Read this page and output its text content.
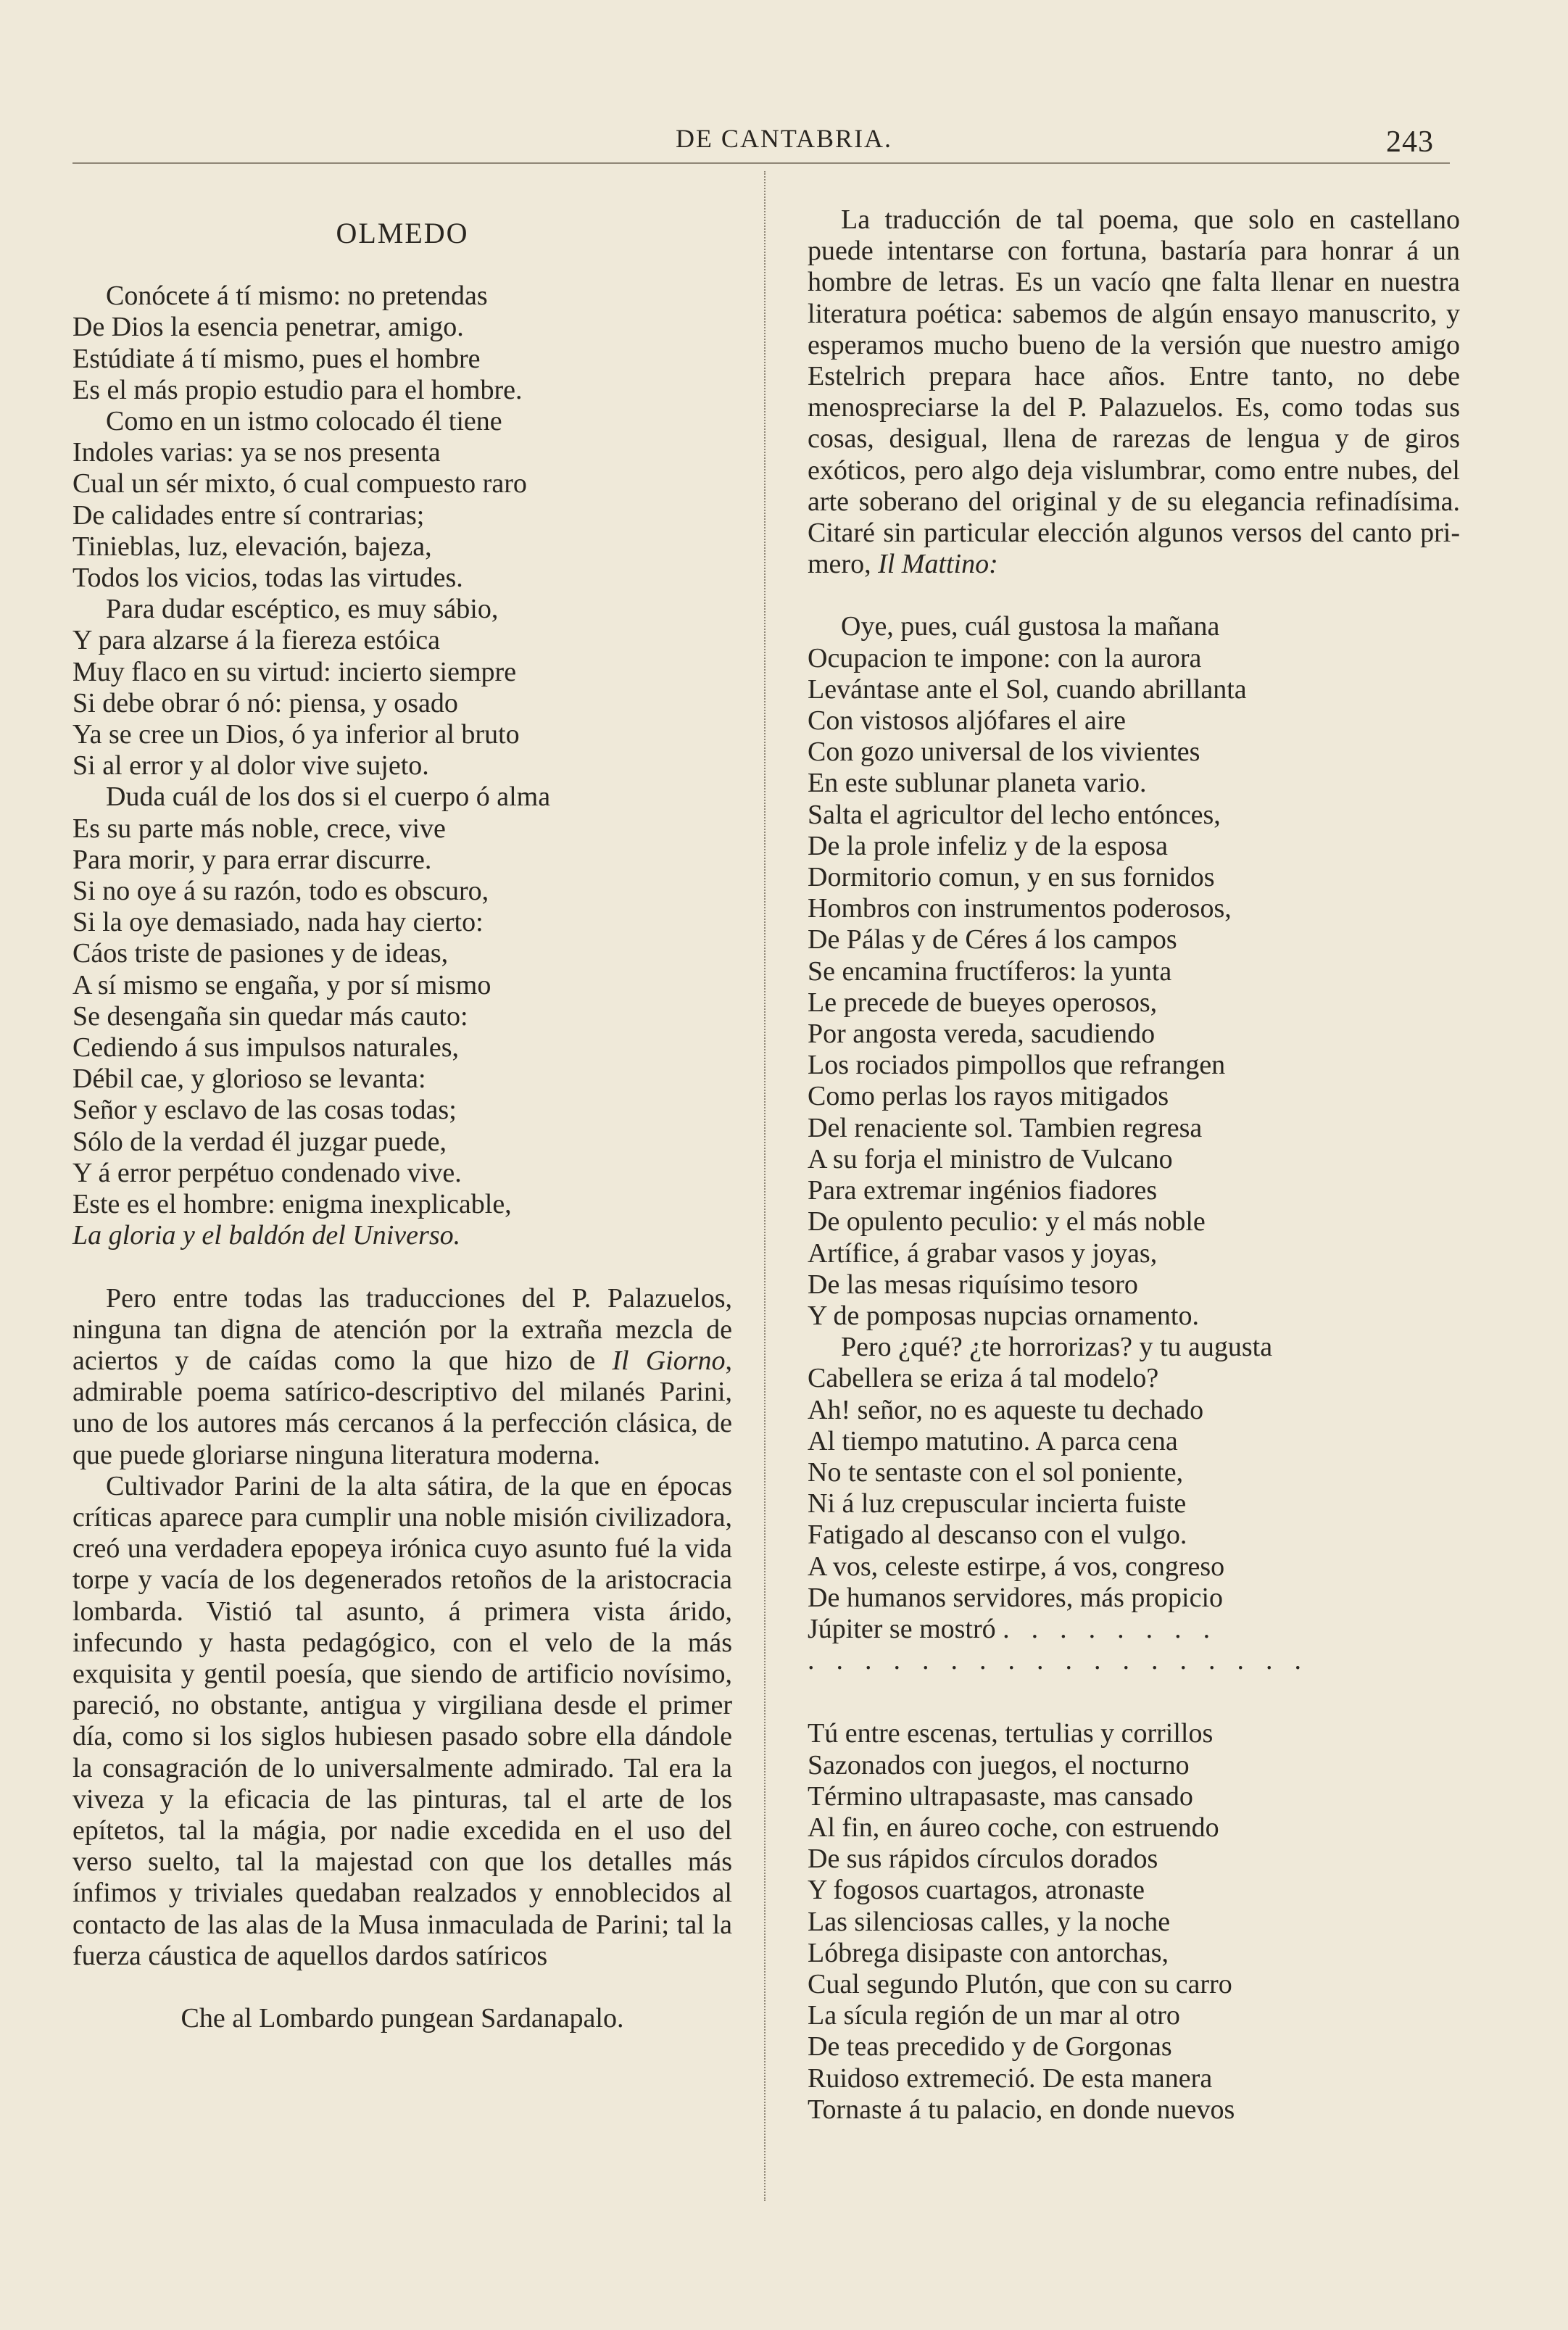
DE CANTABRIA.	243
OLMEDO
Conócete á tí mismo: no pretendas
De Dios la esencia penetrar, amigo.
Estúdiate á tí mismo, pues el hombre
Es el más propio estudio para el hombre.
Como en un istmo colocado él tiene
Indoles varias: ya se nos presenta
Cual un sér mixto, ó cual compuesto raro
De calidades entre sí contrarias;
Tinieblas, luz, elevación, bajeza,
Todos los vicios, todas las virtudes.
Para dudar escéptico, es muy sábio,
Y para alzarse á la fiereza estóica
Muy flaco en su virtud: incierto siempre
Si debe obrar ó nó: piensa, y osado
Ya se cree un Dios, ó ya inferior al bruto
Si al error y al dolor vive sujeto.
Duda cuál de los dos si el cuerpo ó alma
Es su parte más noble, crece, vive
Para morir, y para errar discurre.
Si no oye á su razón, todo es obscuro,
Si la oye demasiado, nada hay cierto:
Cáos triste de pasiones y de ideas,
A sí mismo se engaña, y por sí mismo
Se desengaña sin quedar más cauto:
Cediendo á sus impulsos naturales,
Débil cae, y glorioso se levanta:
Señor y esclavo de las cosas todas;
Sólo de la verdad él juzgar puede,
Y á error perpétuo condenado vive.
Este es el hombre: enigma inexplicable,
La gloria y el baldón del Universo.

Pero entre todas las traducciones del P. Palazuelos, ninguna tan digna de atención por la extraña mezcla de aciertos y de caídas como la que hizo de Il Giorno, admirable poema satírico-descriptivo del milanés Parini, uno de los autores más cercanos á la perfección clásica, de que puede gloriarse ninguna literatura moderna.

Cultivador Parini de la alta sátira, de la que en épocas críticas aparece para cumplir una noble misión civilizadora, creó una verdadera epopeya irónica cuyo asunto fué la vida torpe y vacía de los degenerados retoños de la aristocracia lombarda. Vistió tal asunto, á primera vista árido, infecundo y hasta pedagógico, con el velo de la más exquisita y gentil poesía, que siendo de artificio novísimo, pareció, no obstante, antigua y virgiliana desde el primer día, como si los siglos hubiesen pasado sobre ella dándole la consagración de lo universalmente admirado. Tal era la viveza y la eficacia de las pinturas, tal el arte de los epítetos, tal la mágia, por nadie excedida en el uso del verso suelto, tal la majestad con que los detalles más ínfimos y triviales quedaban realzados y ennoblecidos al contacto de las alas de la Musa inmaculada de Parini; tal la fuerza cáustica de aquellos dardos satíricos

Che al Lombardo pungean Sardanapalo.

La traducción de tal poema, que solo en castellano puede intentarse con fortuna, bastaría para honrar á un hombre de letras. Es un vacío qne falta llenar en nuestra literatura poética: sabemos de algún ensayo manuscrito, y esperamos mucho bueno de la versión que nuestro amigo Estelrich prepara hace años. Entre tanto, no debe menospreciarse la del P. Palazuelos. Es, como todas sus cosas, desigual, llena de rarezas de lengua y de giros exóticos, pero algo deja vislumbrar, como entre nubes, del arte soberano del original y de su elegancia refinadísima. Citaré sin particular elección algunos versos del canto primero, Il Mattino:

Oye, pues, cuál gustosa la mañana
Ocupacion te impone: con la aurora
Levántase ante el Sol, cuando abrillanta
Con vistosos aljófares el aire
Con gozo universal de los vivientes
En este sublunar planeta vario.
Salta el agricultor del lecho entónces,
De la prole infeliz y de la esposa
Dormitorio comun, y en sus fornidos
Hombros con instrumentos poderosos,
De Pálas y de Céres á los campos
Se encamina fructíferos: la yunta
Le precede de bueyes operosos,
Por angosta vereda, sacudiendo
Los rociados pimpollos que refrangen
Como perlas los rayos mitigados
Del renaciente sol. Tambien regresa
A su forja el ministro de Vulcano
Para extremar ingénios fiadores
De opulento peculio: y el más noble
Artífice, á grabar vasos y joyas,
De las mesas riquísimo tesoro
Y de pomposas nupcias ornamento.
Pero ¿qué? ¿te horrorizas? y tu augusta
Cabellera se eriza á tal modelo?
Ah! señor, no es aqueste tu dechado
Al tiempo matutino. A parca cena
No te sentaste con el sol poniente,
Ni á luz crepuscular incierta fuiste
Fatigado al descanso con el vulgo.
A vos, celeste estirpe, á vos, congreso
De humanos servidores, más propicio
Júpiter se mostró ........
..................
Tú entre escenas, tertulias y corrillos
Sazonados con juegos, el nocturno
Término ultrapasaste, mas cansado
Al fin, en áureo coche, con estruendo
De sus rápidos círculos dorados
Y fogosos cuartagos, atronaste
Las silenciosas calles, y la noche
Lóbrega disipaste con antorchas,
Cual segundo Plutón, que con su carro
La sícula región de un mar al otro
De teas precedido y de Gorgonas
Ruidoso extremeció. De esta manera
Tornaste á tu palacio, en donde nuevos
